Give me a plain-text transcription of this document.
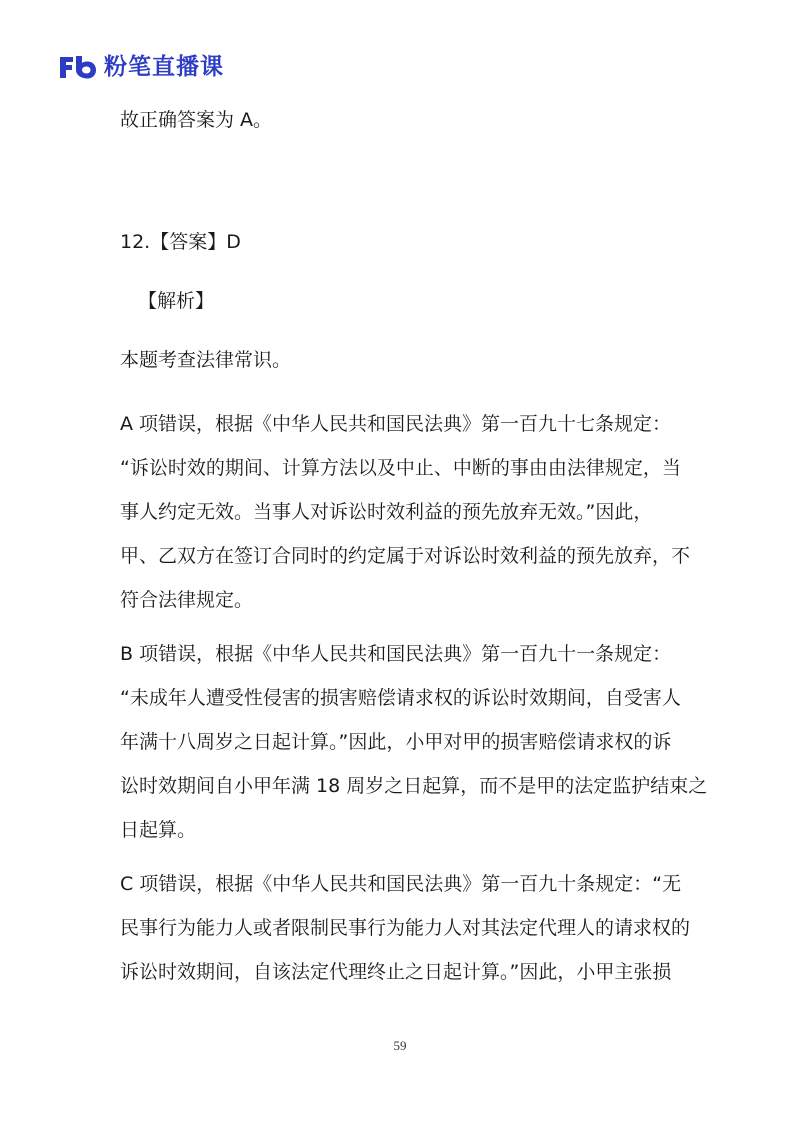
粉笔直播课

故正确答案为 A。

12.【答案】D

【解析】

本题考查法律常识。

A 项错误，根据《中华人民共和国民法典》第一百九十七条规定：

“诉讼时效的期间、计算方法以及中止、中断的事由由法律规定，当

事人约定无效。当事人对诉讼时效利益的预先放弃无效。”因此，

甲、乙双方在签订合同时的约定属于对诉讼时效利益的预先放弃，不

符合法律规定。

B 项错误，根据《中华人民共和国民法典》第一百九十一条规定：

“未成年人遭受性侵害的损害赔偿请求权的诉讼时效期间，自受害人

年满十八周岁之日起计算。”因此，小甲对甲的损害赔偿请求权的诉

讼时效期间自小甲年满 18 周岁之日起算，而不是甲的法定监护结束之

日起算。

C 项错误，根据《中华人民共和国民法典》第一百九十条规定：“无

民事行为能力人或者限制民事行为能力人对其法定代理人的请求权的

诉讼时效期间，自该法定代理终止之日起计算。”因此，小甲主张损

59
